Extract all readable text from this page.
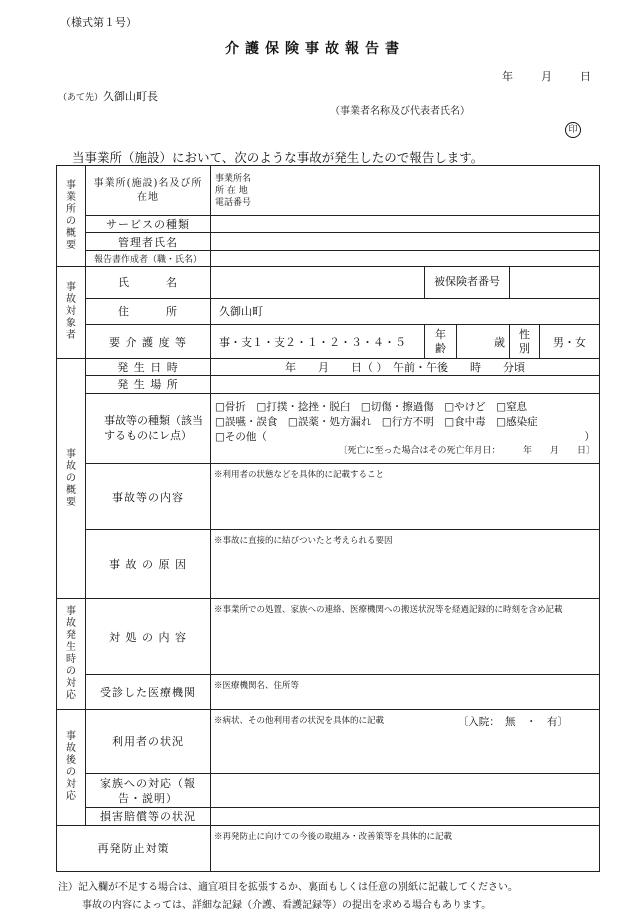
（様式第１号）
介護保険事故報告書
年	月	日
（あて先）久御山町長
（事業者名称及び代表者氏名）
印
当事業所（施設）において、次のような事故が発生したので報告します。
事業所の概要	事業所(施設)名及び所在地	事業所名
所 在 地
電話番号				

	サービスの種類					
	管理者氏名					
	報告書作成者（職・氏名）					
事故対象者	氏　　　名		被保険者番号			
	住　　　所	久御山町				
	要 介 護 度 等	事・支１・支２・１・２・３・４・５	年齢	歳	性別	男・女
事故の概要	発 生 日 時	年　　月　　日（ ）　午前・午後　　時　　分頃				
	発 生 場 所					
	事故等の種類（該当するものにレ点）	□骨折　□打撲・捻挫・脱臼　□切傷・擦過傷　□やけど　□窒息
□誤嚥・誤食　□誤薬・処方漏れ　□行方不明　□食中毒　□感染症
□その他（ ）
〔死亡に至った場合はその死亡年月日：　　　年　　月　　日〕				

	事故等の内容	※利用者の状態などを具体的に記載すること				
	事 故 の 原 因	※事故に直接的に結びついたと考えられる要因				
事故発生時の対応	対 処 の 内 容	※事業所での処置、家族への連絡、医療機関への搬送状況等を経過記録的に時刻を含め記載				
	受診した医療機関	※医療機関名、住所等				
事故後の対応	利用者の状況	※病状、その他利用者の状況を具体的に記載 〔入院：　無　・　有〕				

	家族への対応（報告・説明）					
	損害賠償等の状況					
再発防止対策		※再発防止に向けての今後の取組み・改善策等を具体的に記載				
注）記入欄が不足する場合は、適宜項目を拡張するか、裏面もしくは任意の別紙に記載してください。
事故の内容によっては、詳細な記録（介護、看護記録等）の提出を求める場合もあります。
